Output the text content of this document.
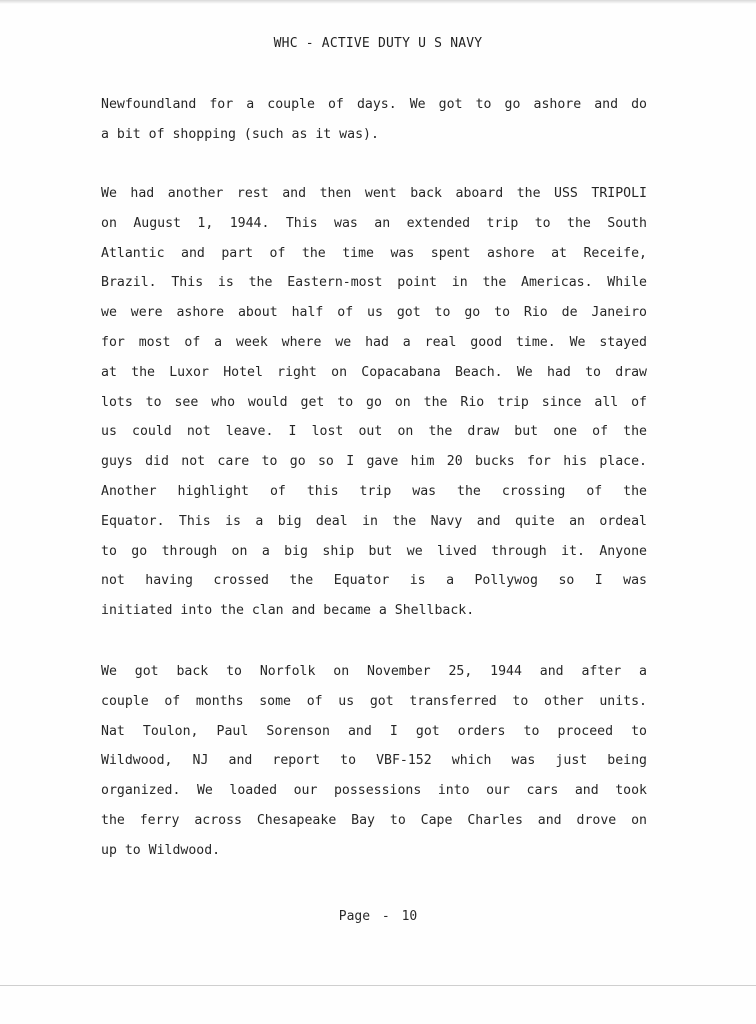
WHC - ACTIVE DUTY U S NAVY
Newfoundland for a couple of days. We got to go ashore and do
a bit of shopping (such as it was).
We had another rest and then went back aboard the USS TRIPOLI
on August 1, 1944. This was an extended trip to the South
Atlantic and part of the time was spent ashore at Receife,
Brazil. This is the Eastern-most point in the Americas. While
we were ashore about half of us got to go to Rio de Janeiro
for most of a week where we had a real good time. We stayed
at the Luxor Hotel right on Copacabana Beach. We had to draw
lots to see who would get to go on the Rio trip since all of
us could not leave. I lost out on the draw but one of the
guys did not care to go so I gave him 20 bucks for his place.
Another highlight of this trip was the crossing of the
Equator. This is a big deal in the Navy and quite an ordeal
to go through on a big ship but we lived through it. Anyone
not having crossed the Equator is a Pollywog so I was
initiated into the clan and became a Shellback.
We got back to Norfolk on November 25, 1944 and after a
couple of months some of us got transferred to other units.
Nat Toulon, Paul Sorenson and I got orders to proceed to
Wildwood, NJ and report to VBF-152 which was just being
organized. We loaded our possessions into our cars and took
the ferry across Chesapeake Bay to Cape Charles and drove on
up to Wildwood.
Page - 10
